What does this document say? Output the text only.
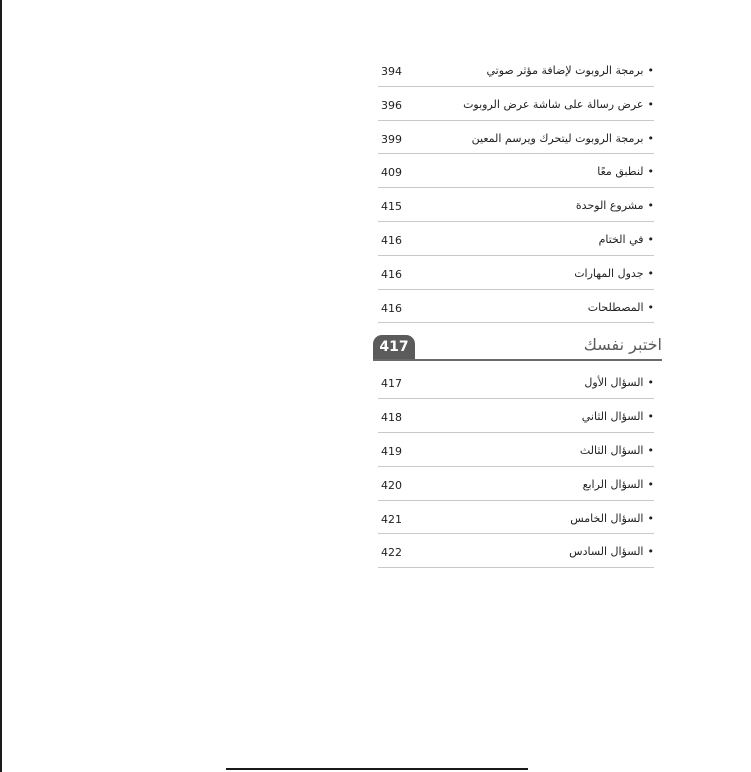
394	•برمجة الروبوت لإضافة مؤثر صوتي
396	•عرض رسالة على شاشة عرض الروبوت
399	•برمجة الروبوت ليتحرك ويرسم المعين
409	•لنطبق معًا
415	•مشروع الوحدة
416	•في الختام
416	•جدول المهارات
416	•المصطلحات
417	اختبر نفسك
417	•السؤال الأول
418	•السؤال الثاني
419	•السؤال الثالث
420	•السؤال الرابع
421	•السؤال الخامس
422	•السؤال السادس
